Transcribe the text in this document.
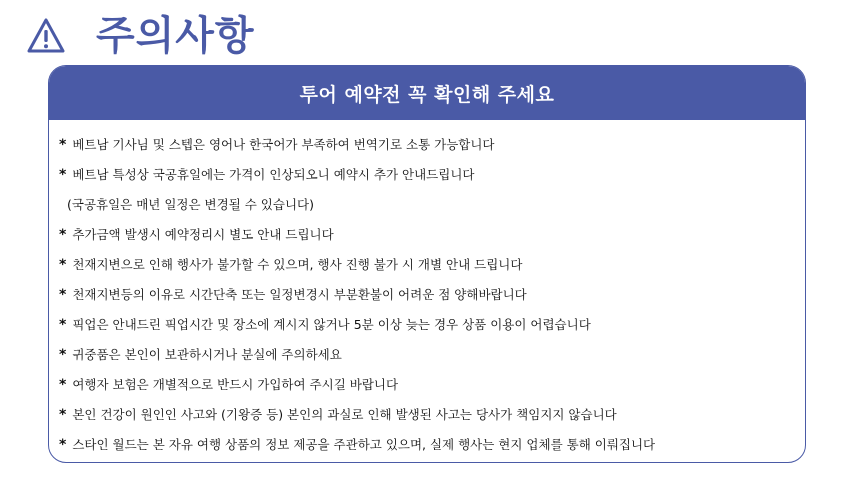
주의사항
투어 예약전 꼭 확인해 주세요
* 베트남 기사님 및 스텝은 영어나 한국어가 부족하여 번역기로 소통 가능합니다
* 베트남 특성상 국공휴일에는 가격이 인상되오니 예약시 추가 안내드립니다
(국공휴일은 매년 일정은 변경될 수 있습니다)
* 추가금액 발생시 예약정리시 별도 안내 드립니다
* 천재지변으로 인해 행사가 불가할 수 있으며, 행사 진행 불가 시 개별 안내 드립니다
* 천재지변등의 이유로 시간단축 또는 일정변경시 부분환불이 어려운 점 양해바랍니다
* 픽업은 안내드린 픽업시간 및 장소에 계시지 않거나 5분 이상 늦는 경우 상품 이용이 어렵습니다
* 귀중품은 본인이 보관하시거나 분실에 주의하세요
* 여행자 보험은 개별적으로 반드시 가입하여 주시길 바랍니다
* 본인 건강이 원인인 사고와 (기왕증 등) 본인의 과실로 인해 발생된 사고는 당사가 책임지지 않습니다
* 스타인 월드는 본 자유 여행 상품의 정보 제공을 주관하고 있으며, 실제 행사는 현지 업체를 통해 이뤄집니다
